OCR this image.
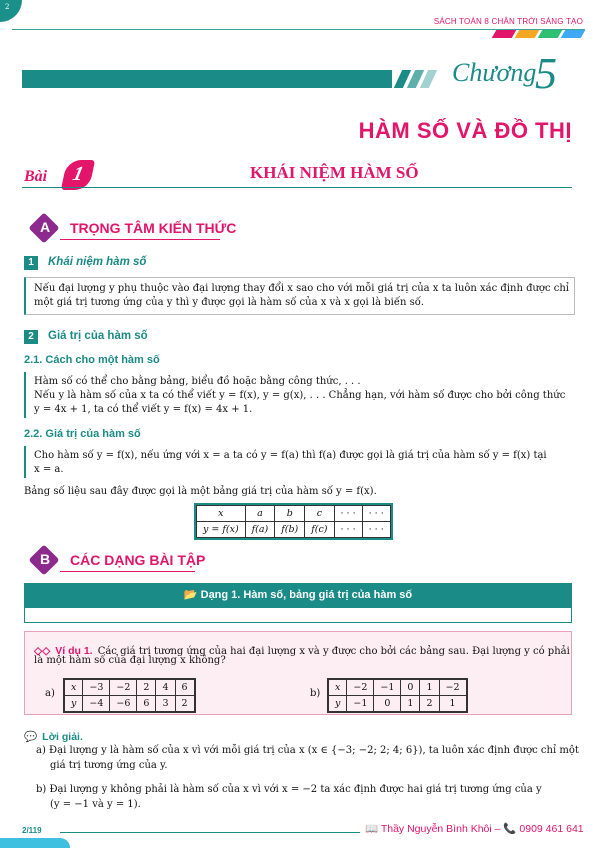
2
SÁCH TOÁN 8 CHÂN TRỜI SÁNG TẠO
Chương
5
HÀM SỐ VÀ ĐỒ THỊ
Bài 1	KHÁI NIỆM HÀM SỐ
A TRỌNG TÂM KIẾN THỨC
1	Khái niệm hàm số
Nếu đại lượng y phụ thuộc vào đại lượng thay đổi x sao cho với mỗi giá trị của x ta luôn xác định được chỉ
một giá trị tương ứng của y thì y được gọi là hàm số của x và x gọi là biến số.
2	Giá trị của hàm số
2.1. Cách cho một hàm số
Hàm số có thể cho bằng bảng, biểu đồ hoặc bằng công thức, . . .
Nếu y là hàm số của x ta có thể viết y = f(x), y = g(x), . . . Chẳng hạn, với hàm số được cho bởi công thức
y = 4x + 1, ta có thể viết y = f(x) = 4x + 1.
2.2. Giá trị của hàm số
Cho hàm số y = f(x), nếu ứng với x = a ta có y = f(a) thì f(a) được gọi là giá trị của hàm số y = f(x) tại
x = a.
Bảng số liệu sau đây được gọi là một bảng giá trị của hàm số y = f(x).
x	a	b	c	· · ·	· · ·
y = f(x)	f(a)	f(b)	f(c)	· · ·	· · ·
B CÁC DẠNG BÀI TẬP
📂 Dạng 1. Hàm số, bảng giá trị của hàm số
◇◇ Ví dụ 1. Các giá trị tương ứng của hai đại lượng x và y được cho bởi các bảng sau. Đại lượng y có phải
là một hàm số của đại lượng x không?
a)
x	−3	−2	2	4	6
y	−4	−6	6	3	2
b)
x	−2	−1	0	1	−2
y	−1	0	1	2	1
💬 Lời giải.
a) Đại lượng y là hàm số của x vì với mỗi giá trị của x (x ∈ {−3; −2; 2; 4; 6}), ta luôn xác định được chỉ một
giá trị tương ứng của y.
b) Đại lượng y không phải là hàm số của x vì với x = −2 ta xác định được hai giá trị tương ứng của y
(y = −1 và y = 1).
2/119	📖 Thầy Nguyễn Bình Khôi – 📞 0909 461 641
